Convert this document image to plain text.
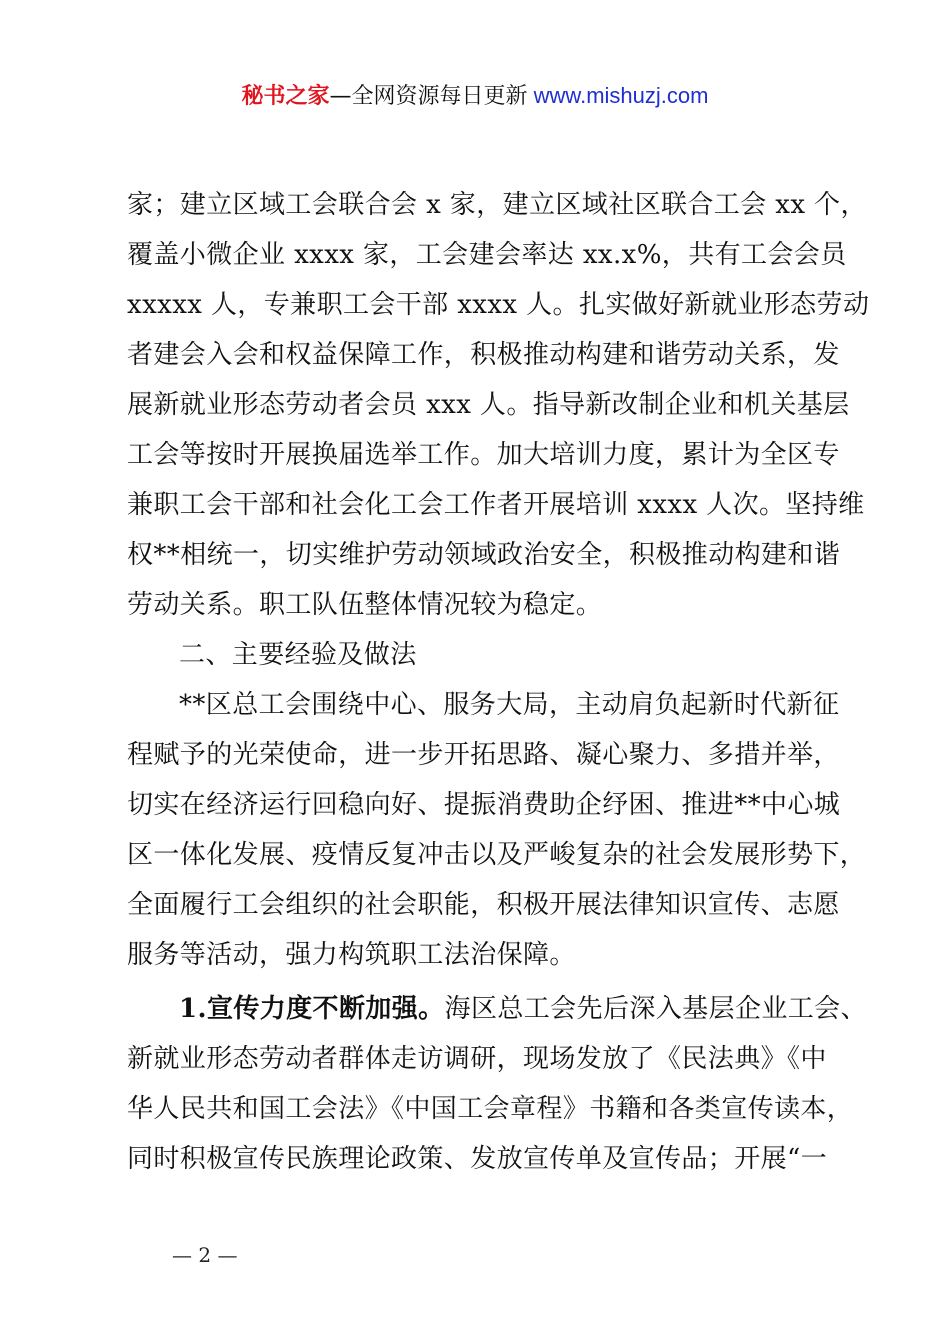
秘书之家—全网资源每日更新 www.mishuzj.com
家；建立区域工会联合会 x 家，建立区域社区联合工会 xx 个，
覆盖小微企业 xxxx 家，工会建会率达 xx.x%，共有工会会员
xxxxx 人，专兼职工会干部 xxxx 人。扎实做好新就业形态劳动
者建会入会和权益保障工作，积极推动构建和谐劳动关系，发
展新就业形态劳动者会员 xxx 人。指导新改制企业和机关基层
工会等按时开展换届选举工作。加大培训力度，累计为全区专
兼职工会干部和社会化工会工作者开展培训 xxxx 人次。坚持维
权**相统一，切实维护劳动领域政治安全，积极推动构建和谐
劳动关系。职工队伍整体情况较为稳定。
二、主要经验及做法
**区总工会围绕中心、服务大局，主动肩负起新时代新征
程赋予的光荣使命，进一步开拓思路、凝心聚力、多措并举，
切实在经济运行回稳向好、提振消费助企纾困、推进**中心城
区一体化发展、疫情反复冲击以及严峻复杂的社会发展形势下，
全面履行工会组织的社会职能，积极开展法律知识宣传、志愿
服务等活动，强力构筑职工法治保障。
1.宣传力度不断加强。海区总工会先后深入基层企业工会、
新就业形态劳动者群体走访调研，现场发放了《民法典》《中
华人民共和国工会法》《中国工会章程》书籍和各类宣传读本，
同时积极宣传民族理论政策、发放宣传单及宣传品；开展“一
— 2 —
